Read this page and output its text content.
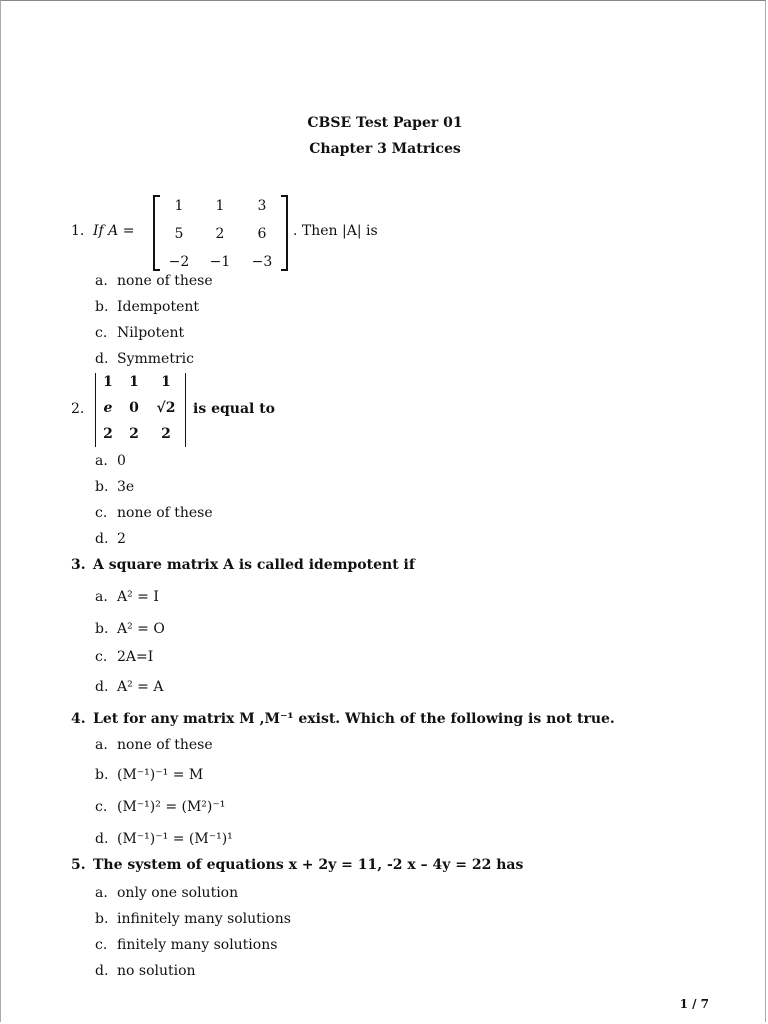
CBSE Test Paper 01
Chapter 3 Matrices
1. If A =
1	1	3
5	2	6
−2	−1	−3
. Then |A| is
a. none of these
b. Idempotent
c. Nilpotent
d. Symmetric
2.
1	1	1
e	0	√2
2	2	2
is equal to
a. 0
b. 3e
c. none of these
d. 2
3. A square matrix A is called idempotent if
a. A² = I
b. A² = O
c. 2A=I
d. A² = A
4. Let for any matrix M ,M⁻¹ exist. Which of the following is not true.
a. none of these
b. (M⁻¹)⁻¹ = M
c. (M⁻¹)² = (M²)⁻¹
d. (M⁻¹)⁻¹ = (M⁻¹)¹
5. The system of equations x + 2y = 11, -2 x – 4y = 22 has
a. only one solution
b. infinitely many solutions
c. finitely many solutions
d. no solution
1 / 7
